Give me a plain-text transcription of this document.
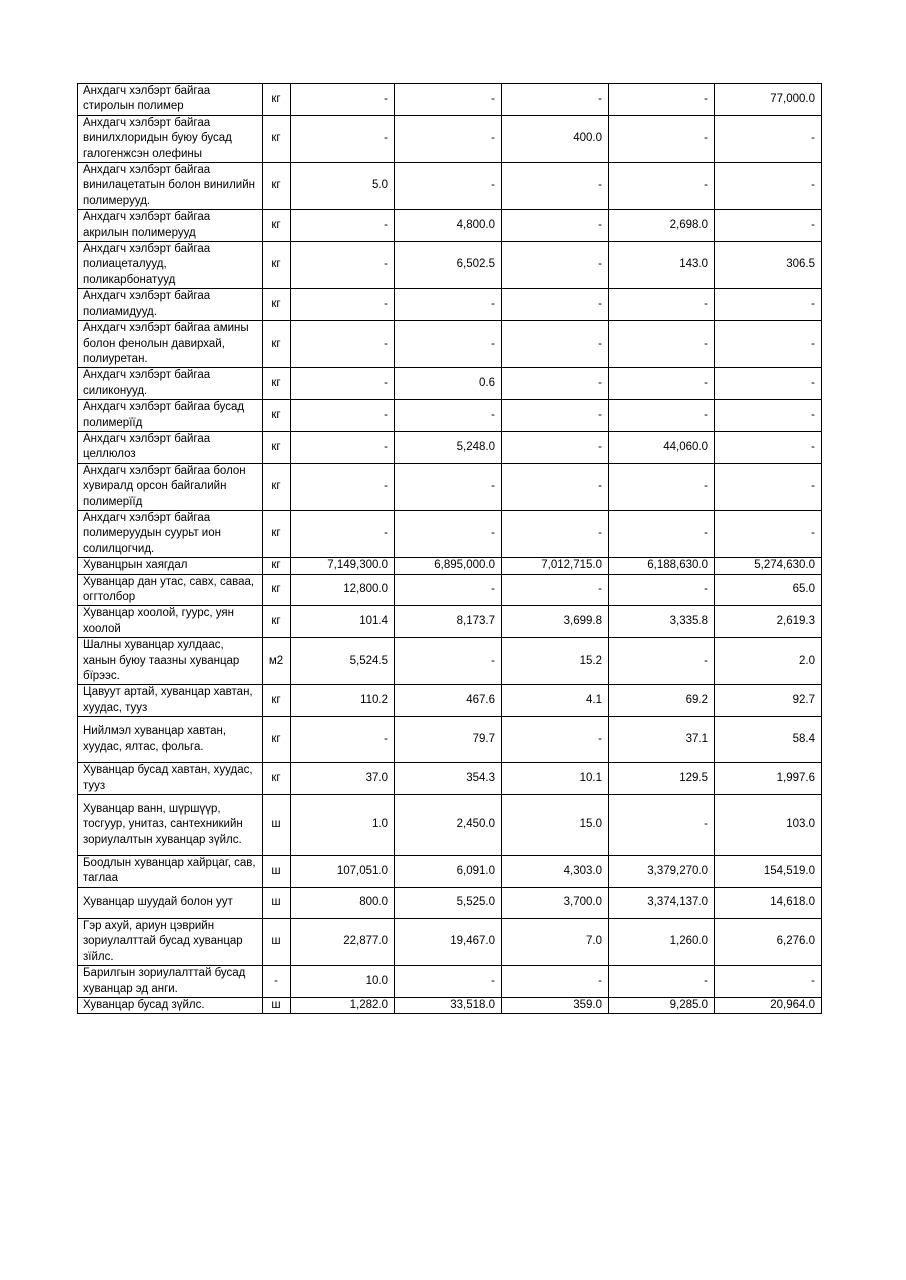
Анхдагч хэлбэрт байгаа стиролын полимер	кг	-	-	-	-	77,000.0
Анхдагч хэлбэрт байгаа винилхлоридын буюу бусад галогенжсэн олефины	кг	-	-	400.0	-	-
Анхдагч хэлбэрт байгаа винилацетатын болон винилийн полимерууд.	кг	5.0	-	-	-	-
Анхдагч хэлбэрт байгаа акрилын полимерууд	кг	-	4,800.0	-	2,698.0	-
Анхдагч хэлбэрт байгаа полиацеталууд, поликарбонатууд	кг	-	6,502.5	-	143.0	306.5
Анхдагч хэлбэрт байгаа полиамидууд.	кг	-	-	-	-	-
Анхдагч хэлбэрт байгаа амины болон фенолын давирхай, полиуретан.	кг	-	-	-	-	-
Анхдагч хэлбэрт байгаа силиконууд.	кг	-	0.6	-	-	-
Анхдагч хэлбэрт байгаа бусад полимерїїд	кг	-	-	-	-	-
Анхдагч хэлбэрт байгаа целлюлоз	кг	-	5,248.0	-	44,060.0	-
Анхдагч хэлбэрт байгаа болон хувиралд орсон байгалийн полимерїїд	кг	-	-	-	-	-
Анхдагч хэлбэрт байгаа полимеруудын суурьт ион солилцогчид.	кг	-	-	-	-	-
Хуванцрын хаягдал	кг	7,149,300.0	6,895,000.0	7,012,715.0	6,188,630.0	5,274,630.0
Хуванцар дан утас, савх, саваа, оггтолбор	кг	12,800.0	-	-	-	65.0
Хуванцар хоолой, гуурс, уян хоолой	кг	101.4	8,173.7	3,699.8	3,335.8	2,619.3
Шалны хуванцар хулдаас, ханын буюу таазны хуванцар бїрээс.	м2	5,524.5	-	15.2	-	2.0
Цавуут артай, хуванцар хавтан, хуудас, тууз	кг	110.2	467.6	4.1	69.2	92.7
Нийлмэл хуванцар хавтан, хуудас, ялтас, фольга.	кг	-	79.7	-	37.1	58.4
Хуванцар бусад хавтан, хуудас, тууз	кг	37.0	354.3	10.1	129.5	1,997.6
Хуванцар ванн, шүршүүр, тосгуур, унитаз, сантехникийн зориулалтын хуванцар зүйлс.	ш	1.0	2,450.0	15.0	-	103.0
Боодлын хуванцар хайрцаг, сав, таглаа	ш	107,051.0	6,091.0	4,303.0	3,379,270.0	154,519.0
Хуванцар шуудай болон уут	ш	800.0	5,525.0	3,700.0	3,374,137.0	14,618.0
Гэр ахуй, ариун цэврийн зориулалттай бусад хуванцар зїйлс.	ш	22,877.0	19,467.0	7.0	1,260.0	6,276.0
Барилгын зориулалттай бусад хуванцар эд анги.	-	10.0	-	-	-	-
Хуванцар бусад зүйлс.	ш	1,282.0	33,518.0	359.0	9,285.0	20,964.0
